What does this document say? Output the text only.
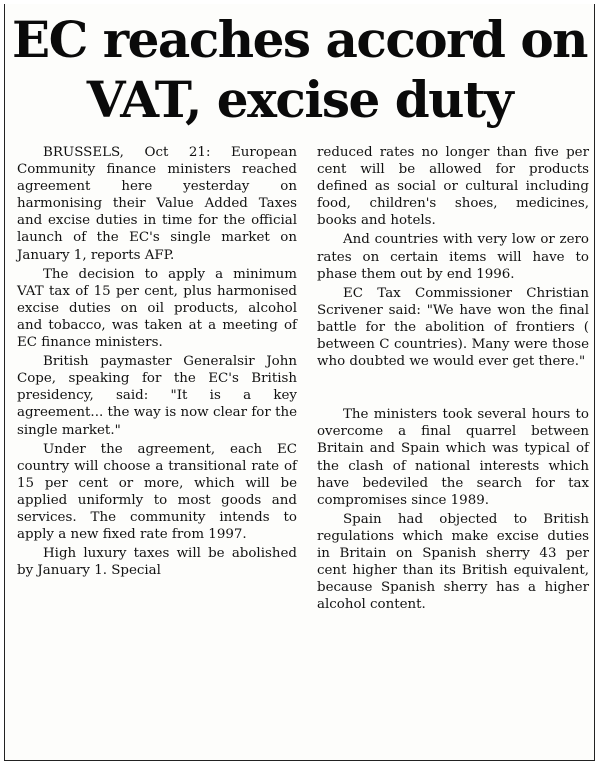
EC reaches accord on VAT, excise duty

BRUSSELS, Oct 21: European Community finance ministers reached agreement here yesterday on harmonising their Value Added Taxes and excise duties in time for the official launch of the EC's single market on January 1, reports AFP.

The decision to apply a minimum VAT tax of 15 per cent, plus harmonised excise duties on oil products, alcohol and tobacco, was taken at a meeting of EC finance ministers.

British paymaster Generalsir John Cope, speaking for the EC's British presidency, said: "It is a key agreement... the way is now clear for the single market."

Under the agreement, each EC country will choose a transitional rate of 15 per cent or more, which will be applied uniformly to most goods and services. The community intends to apply a new fixed rate from 1997.

High luxury taxes will be abolished by January 1. Special

reduced rates no longer than five per cent will be allowed for products defined as social or cultural including food, children's shoes, medicines, books and hotels.

And countries with very low or zero rates on certain items will have to phase them out by end 1996.

EC Tax Commissioner Christian Scrivener said: "We have won the final battle for the abolition of frontiers ( between C countries). Many were those who doubted we would ever get there."

The ministers took several hours to overcome a final quarrel between Britain and Spain which was typical of the clash of national interests which have bedeviled the search for tax compromises since 1989.

Spain had objected to British regulations which make excise duties in Britain on Spanish sherry 43 per cent higher than its British equivalent, because Spanish sherry has a higher alcohol content.
